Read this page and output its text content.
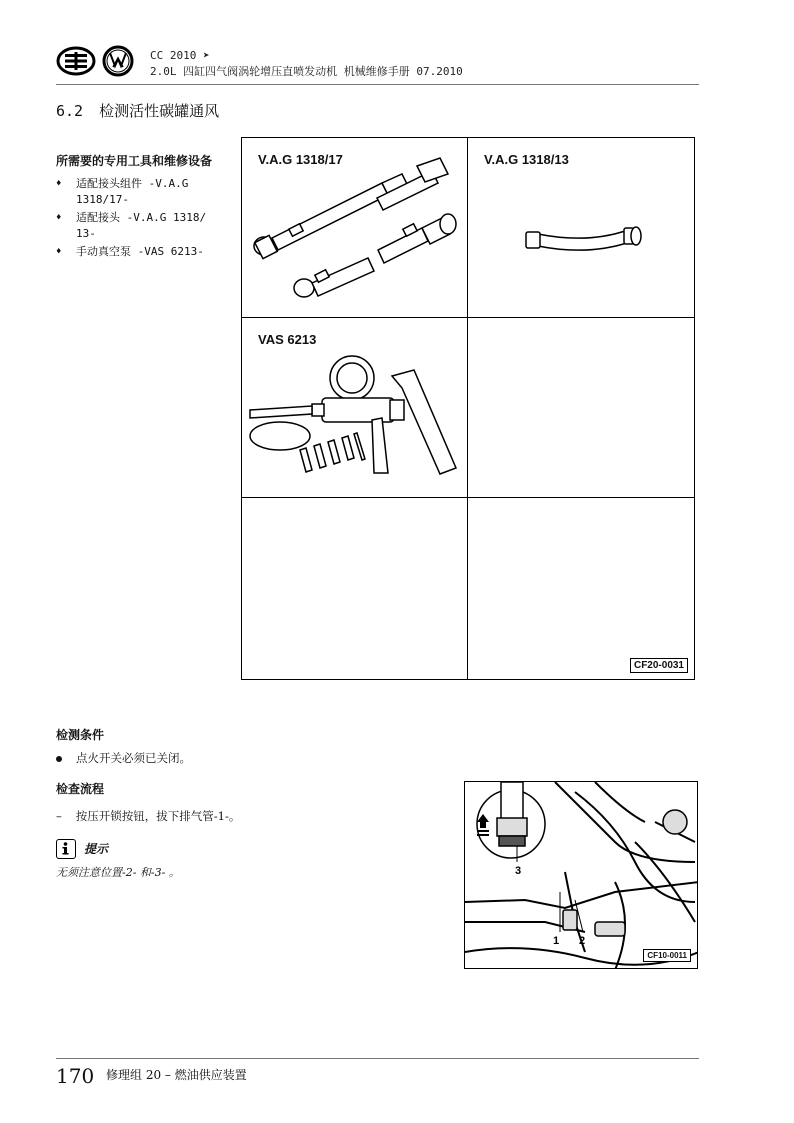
CC 2010 ➤
2.0L 四缸四气阀涡轮增压直喷发动机 机械维修手册 07.2010
6.2 检测活性碳罐通风
所需要的专用工具和维修设备
♦ 适配接头组件 -V.A.G 1318/17-
♦ 适配接头 -V.A.G 1318/ 13-
♦ 手动真空泵 -VAS 6213-
V.A.G 1318/17	V.A.G 1318/13
VAS 6213
CF20-0031
检测条件
点火开关必须已关闭。
检查流程
– 按压开锁按钮，拔下排气管-1-。
提示
无须注意位置-2- 和-3- 。	3
1 2
CF10-0011
170 修理组 20 – 燃油供应装置
